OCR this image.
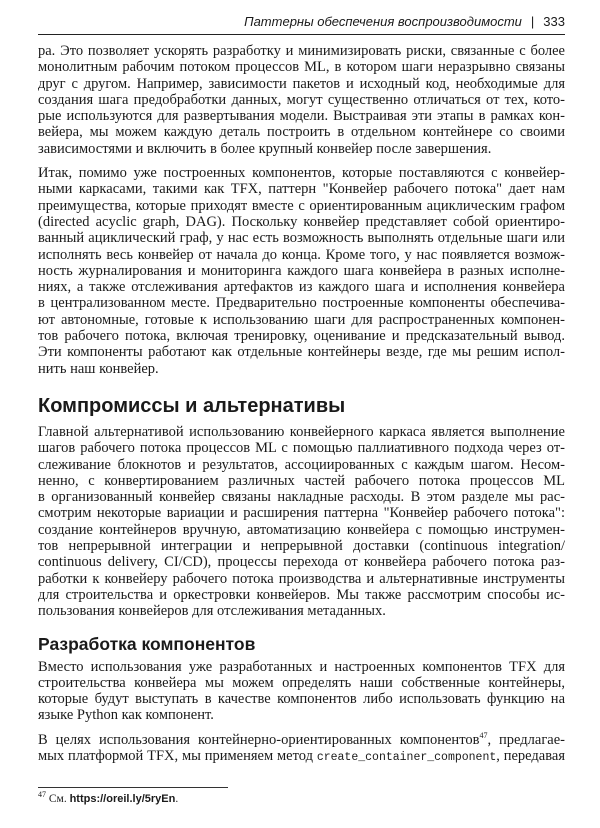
Паттерны обеспечения воспроизводимости | 333
ра. Это позволяет ускорять разработку и минимизировать риски, связанные с более
монолитным рабочим потоком процессов ML, в котором шаги неразрывно связаны
друг с другом. Например, зависимости пакетов и исходный код, необходимые для
создания шага предобработки данных, могут существенно отличаться от тех, кото-
рые используются для развертывания модели. Выстраивая эти этапы в рамках кон-
вейера, мы можем каждую деталь построить в отдельном контейнере со своими
зависимостями и включить в более крупный конвейер после завершения.
Итак, помимо уже построенных компонентов, которые поставляются с конвейер-
ными каркасами, такими как TFX, паттерн "Конвейер рабочего потока" дает нам
преимущества, которые приходят вместе с ориентированным ациклическим графом
(directed acyclic graph, DAG). Поскольку конвейер представляет собой ориентиро-
ванный ациклический граф, у нас есть возможность выполнять отдельные шаги или
исполнять весь конвейер от начала до конца. Кроме того, у нас появляется возмож-
ность журналирования и мониторинга каждого шага конвейера в разных исполне-
ниях, а также отслеживания артефактов из каждого шага и исполнения конвейера
в централизованном месте. Предварительно построенные компоненты обеспечива-
ют автономные, готовые к использованию шаги для распространенных компонен-
тов рабочего потока, включая тренировку, оценивание и предсказательный вывод.
Эти компоненты работают как отдельные контейнеры везде, где мы решим испол-
нить наш конвейер.
Компромиссы и альтернативы
Главной альтернативой использованию конвейерного каркаса является выполнение
шагов рабочего потока процессов ML с помощью паллиативного подхода через от-
слеживание блокнотов и результатов, ассоциированных с каждым шагом. Несом-
ненно, с конвертированием различных частей рабочего потока процессов ML
в организованный конвейер связаны накладные расходы. В этом разделе мы рас-
смотрим некоторые вариации и расширения паттерна "Конвейер рабочего потока":
создание контейнеров вручную, автоматизацию конвейера с помощью инструмен-
тов непрерывной интеграции и непрерывной доставки (continuous integration/
continuous delivery, CI/CD), процессы перехода от конвейера рабочего потока раз-
работки к конвейеру рабочего потока производства и альтернативные инструменты
для строительства и оркестровки конвейеров. Мы также рассмотрим способы ис-
пользования конвейеров для отслеживания метаданных.
Разработка компонентов
Вместо использования уже разработанных и настроенных компонентов TFX для
строительства конвейера мы можем определять наши собственные контейнеры,
которые будут выступать в качестве компонентов либо использовать функцию на
языке Python как компонент.
В целях использования контейнерно-ориентированных компонентов$^{47}$, предлагае-
мых платформой TFX, мы применяем метод create_container_component, передавая
$^{47}$ См. https://oreil.ly/5ryEn.
